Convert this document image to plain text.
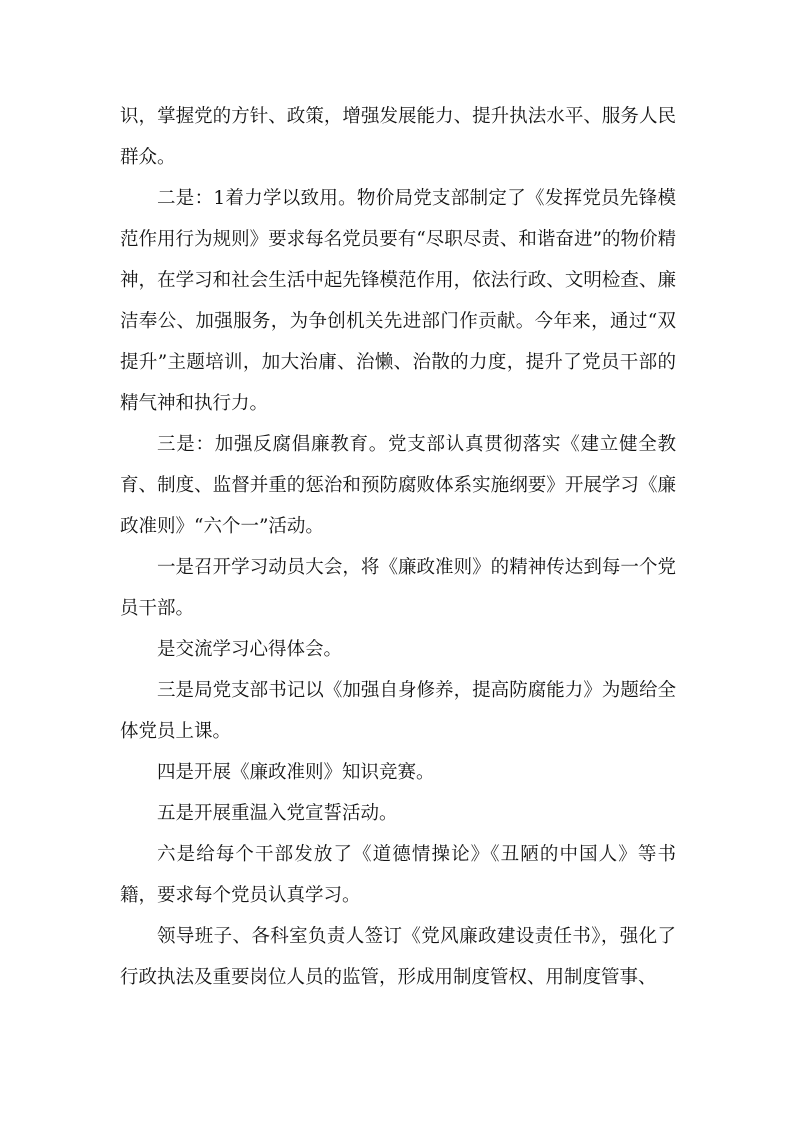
识，掌握党的方针、政策，增强发展能力、提升执法水平、服务人民群众。

二是：1着力学以致用。物价局党支部制定了《发挥党员先锋模范作用行为规则》要求每名党员要有“尽职尽责、和谐奋进”的物价精神，在学习和社会生活中起先锋模范作用，依法行政、文明检查、廉洁奉公、加强服务，为争创机关先进部门作贡献。今年来，通过“双提升”主题培训，加大治庸、治懒、治散的力度，提升了党员干部的精气神和执行力。

三是：加强反腐倡廉教育。党支部认真贯彻落实《建立健全教育、制度、监督并重的惩治和预防腐败体系实施纲要》开展学习《廉政准则》“六个一”活动。

一是召开学习动员大会，将《廉政准则》的精神传达到每一个党员干部。

是交流学习心得体会。

三是局党支部书记以《加强自身修养，提高防腐能力》为题给全体党员上课。

四是开展《廉政准则》知识竞赛。

五是开展重温入党宣誓活动。

六是给每个干部发放了《道德情操论》《丑陋的中国人》等书籍，要求每个党员认真学习。

领导班子、各科室负责人签订《党风廉政建设责任书》，强化了行政执法及重要岗位人员的监管，形成用制度管权、用制度管事、
